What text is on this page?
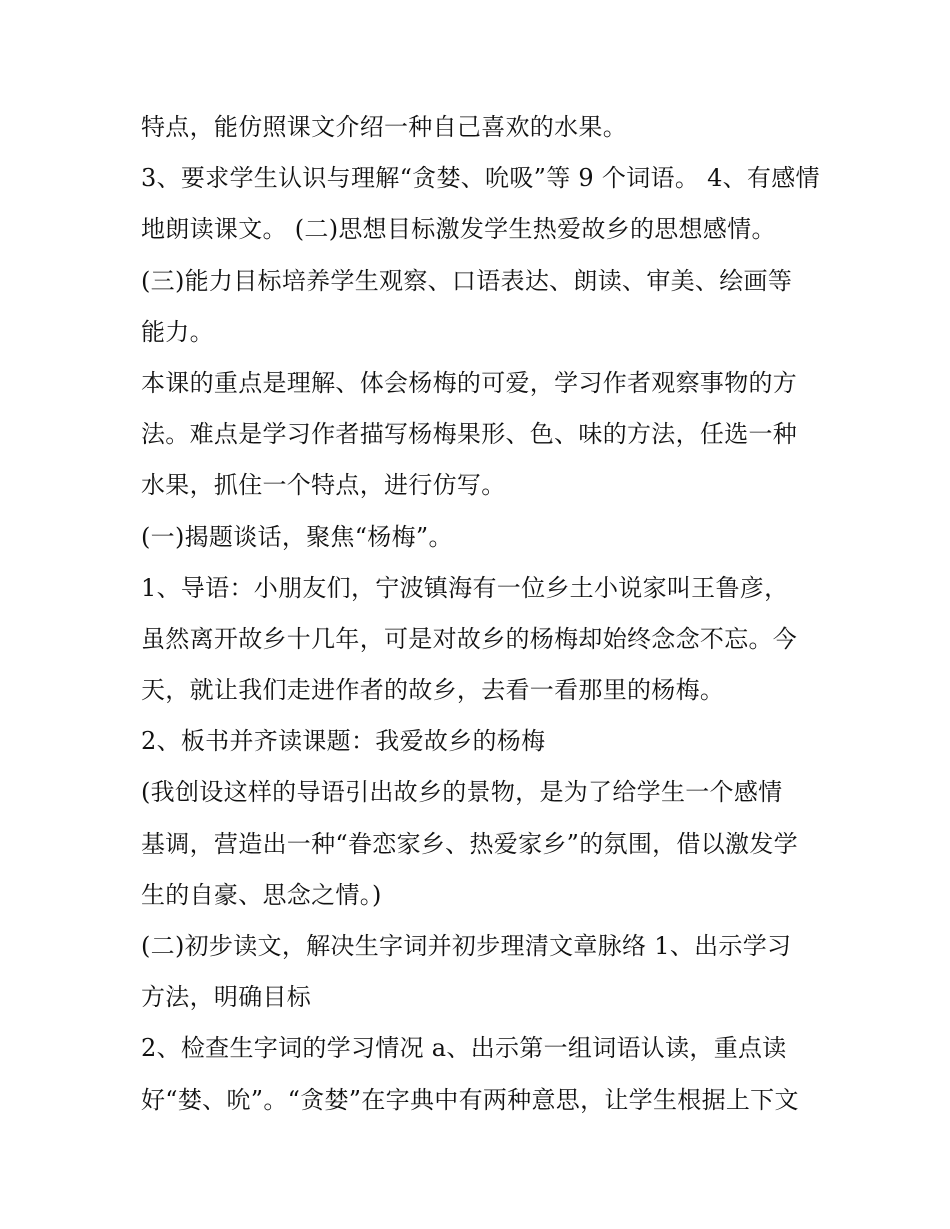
特点，能仿照课文介绍一种自己喜欢的水果。
3、要求学生认识与理解“贪婪、吮吸”等 9 个词语。 4、有感情
地朗读课文。 (二)思想目标激发学生热爱故乡的思想感情。
(三)能力目标培养学生观察、口语表达、朗读、审美、绘画等
能力。
本课的重点是理解、体会杨梅的可爱，学习作者观察事物的方
法。难点是学习作者描写杨梅果形、色、味的方法，任选一种
水果，抓住一个特点，进行仿写。
(一)揭题谈话，聚焦“杨梅”。
1、导语：小朋友们，宁波镇海有一位乡土小说家叫王鲁彦，
虽然离开故乡十几年，可是对故乡的杨梅却始终念念不忘。今
天，就让我们走进作者的故乡，去看一看那里的杨梅。
2、板书并齐读课题：我爱故乡的杨梅
(我创设这样的导语引出故乡的景物，是为了给学生一个感情
基调，营造出一种“眷恋家乡、热爱家乡”的氛围，借以激发学
生的自豪、思念之情。)
(二)初步读文，解决生字词并初步理清文章脉络 1、出示学习
方法，明确目标
2、检查生字词的学习情况 a、出示第一组词语认读，重点读
好“婪、吮”。“贪婪”在字典中有两种意思，让学生根据上下文
